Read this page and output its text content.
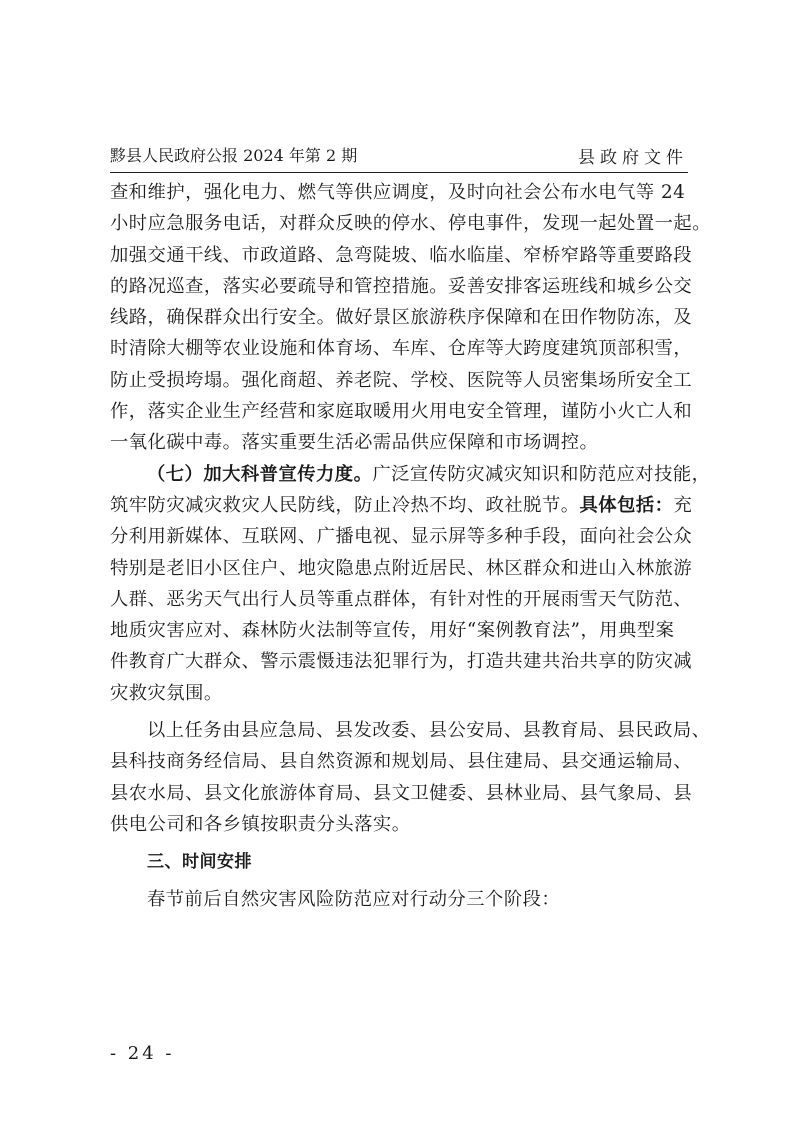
黟县人民政府公报 2024 年第 2 期	县政府文件
查和维护，强化电力、燃气等供应调度，及时向社会公布水电气等 24
小时应急服务电话，对群众反映的停水、停电事件，发现一起处置一起。
加强交通干线、市政道路、急弯陡坡、临水临崖、窄桥窄路等重要路段
的路况巡查，落实必要疏导和管控措施。妥善安排客运班线和城乡公交
线路，确保群众出行安全。做好景区旅游秩序保障和在田作物防冻，及
时清除大棚等农业设施和体育场、车库、仓库等大跨度建筑顶部积雪，
防止受损垮塌。强化商超、养老院、学校、医院等人员密集场所安全工
作，落实企业生产经营和家庭取暖用火用电安全管理，谨防小火亡人和
一氧化碳中毒。落实重要生活必需品供应保障和市场调控。
（七）加大科普宣传力度。广泛宣传防灾减灾知识和防范应对技能，
筑牢防灾减灾救灾人民防线，防止冷热不均、政社脱节。具体包括：充
分利用新媒体、互联网、广播电视、显示屏等多种手段，面向社会公众
特别是老旧小区住户、地灾隐患点附近居民、林区群众和进山入林旅游
人群、恶劣天气出行人员等重点群体，有针对性的开展雨雪天气防范、
地质灾害应对、森林防火法制等宣传，用好“案例教育法”，用典型案
件教育广大群众、警示震慑违法犯罪行为，打造共建共治共享的防灾减
灾救灾氛围。
以上任务由县应急局、县发改委、县公安局、县教育局、县民政局、
县科技商务经信局、县自然资源和规划局、县住建局、县交通运输局、
县农水局、县文化旅游体育局、县文卫健委、县林业局、县气象局、县
供电公司和各乡镇按职责分头落实。
三、时间安排
春节前后自然灾害风险防范应对行动分三个阶段：
- 24 -
